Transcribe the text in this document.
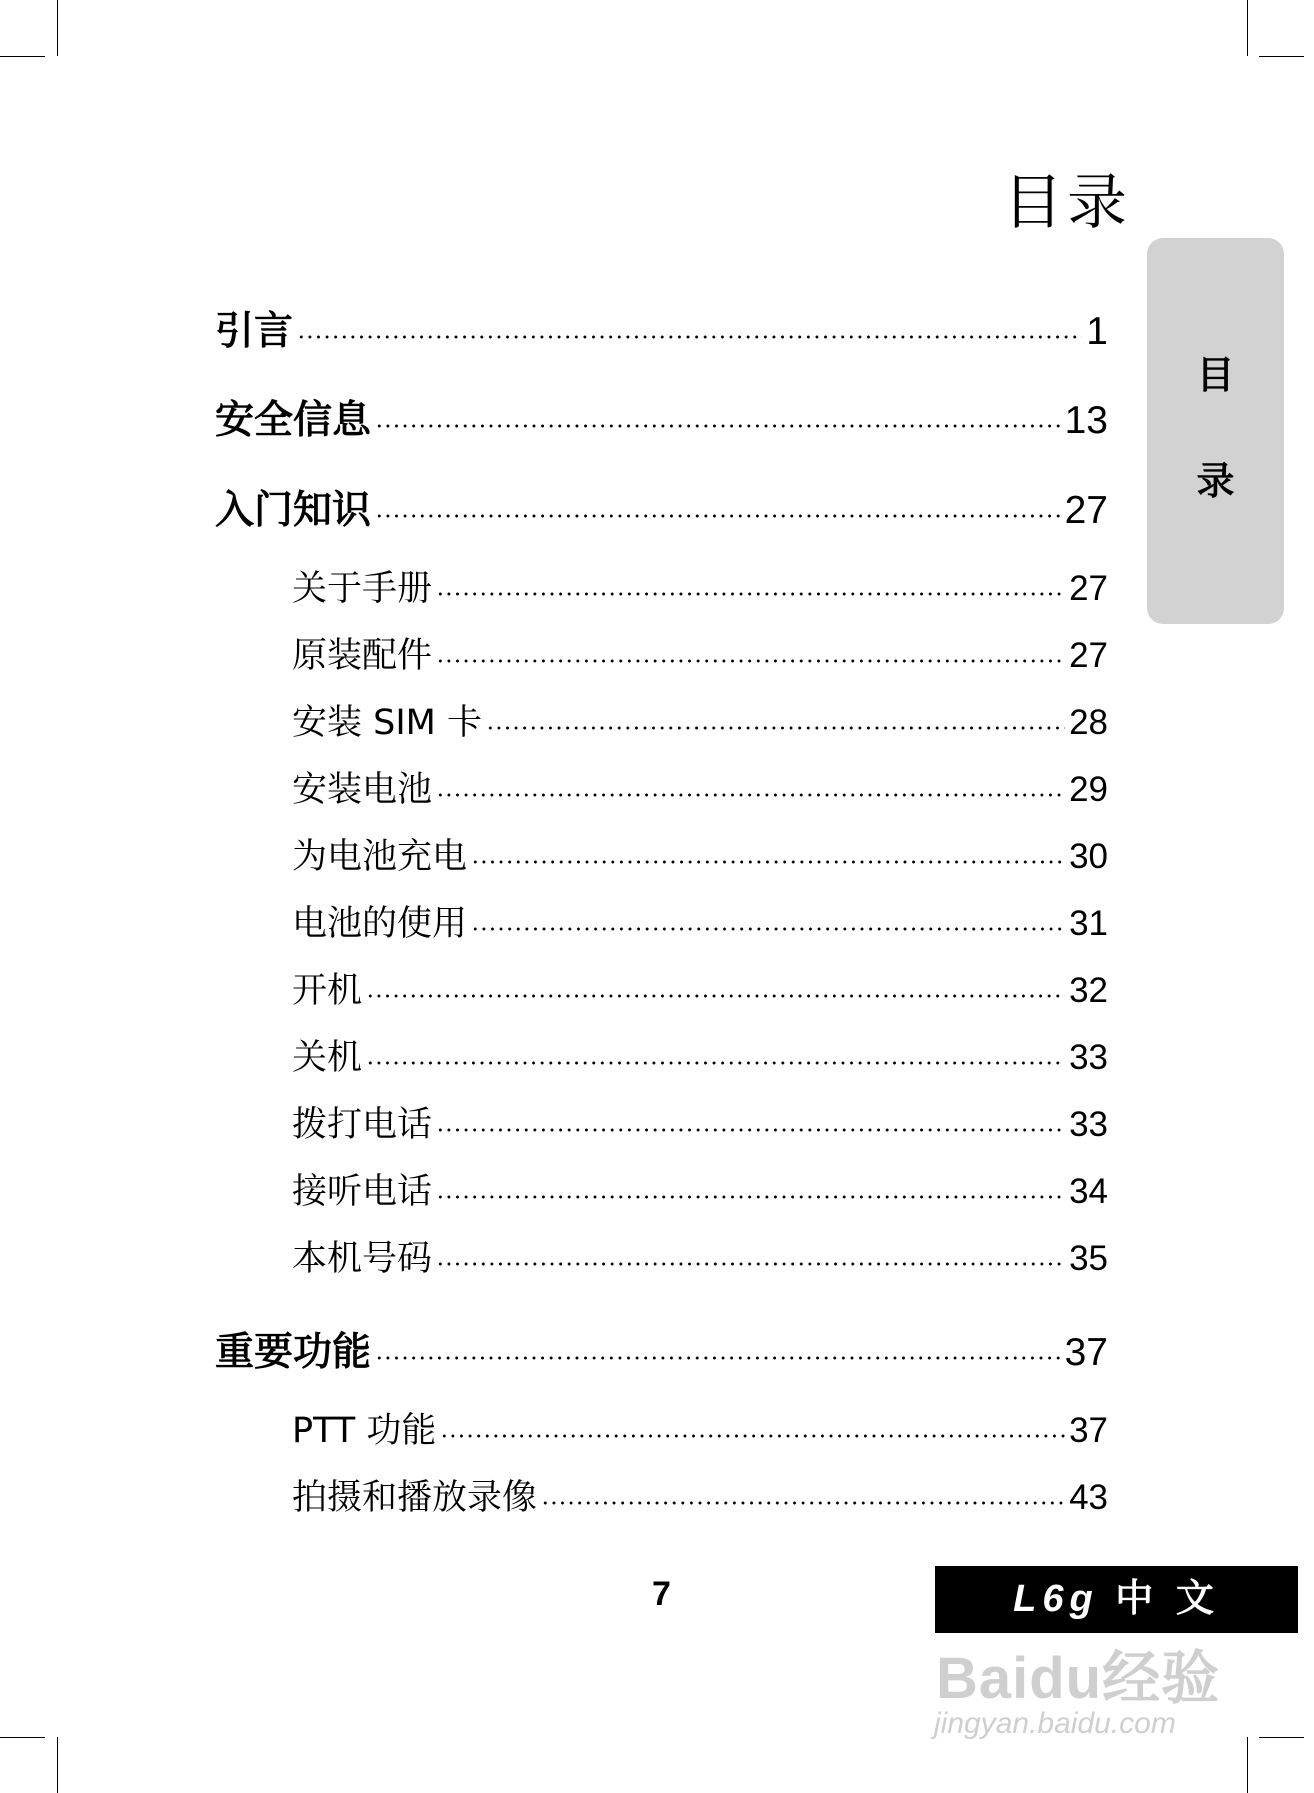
目录
目
录
引言	1
安全信息	13
入门知识	27
关于手册	27
原装配件	27
安装 SIM 卡	28
安装电池	29
为电池充电	30
电池的使用	31
开机	32
关机	33
拨打电话	33
接听电话	34
本机号码	35
重要功能	37
PTT 功能	37
拍摄和播放录像	43
7	L6g 中 文
Baidu经验
jingyan.baidu.com
